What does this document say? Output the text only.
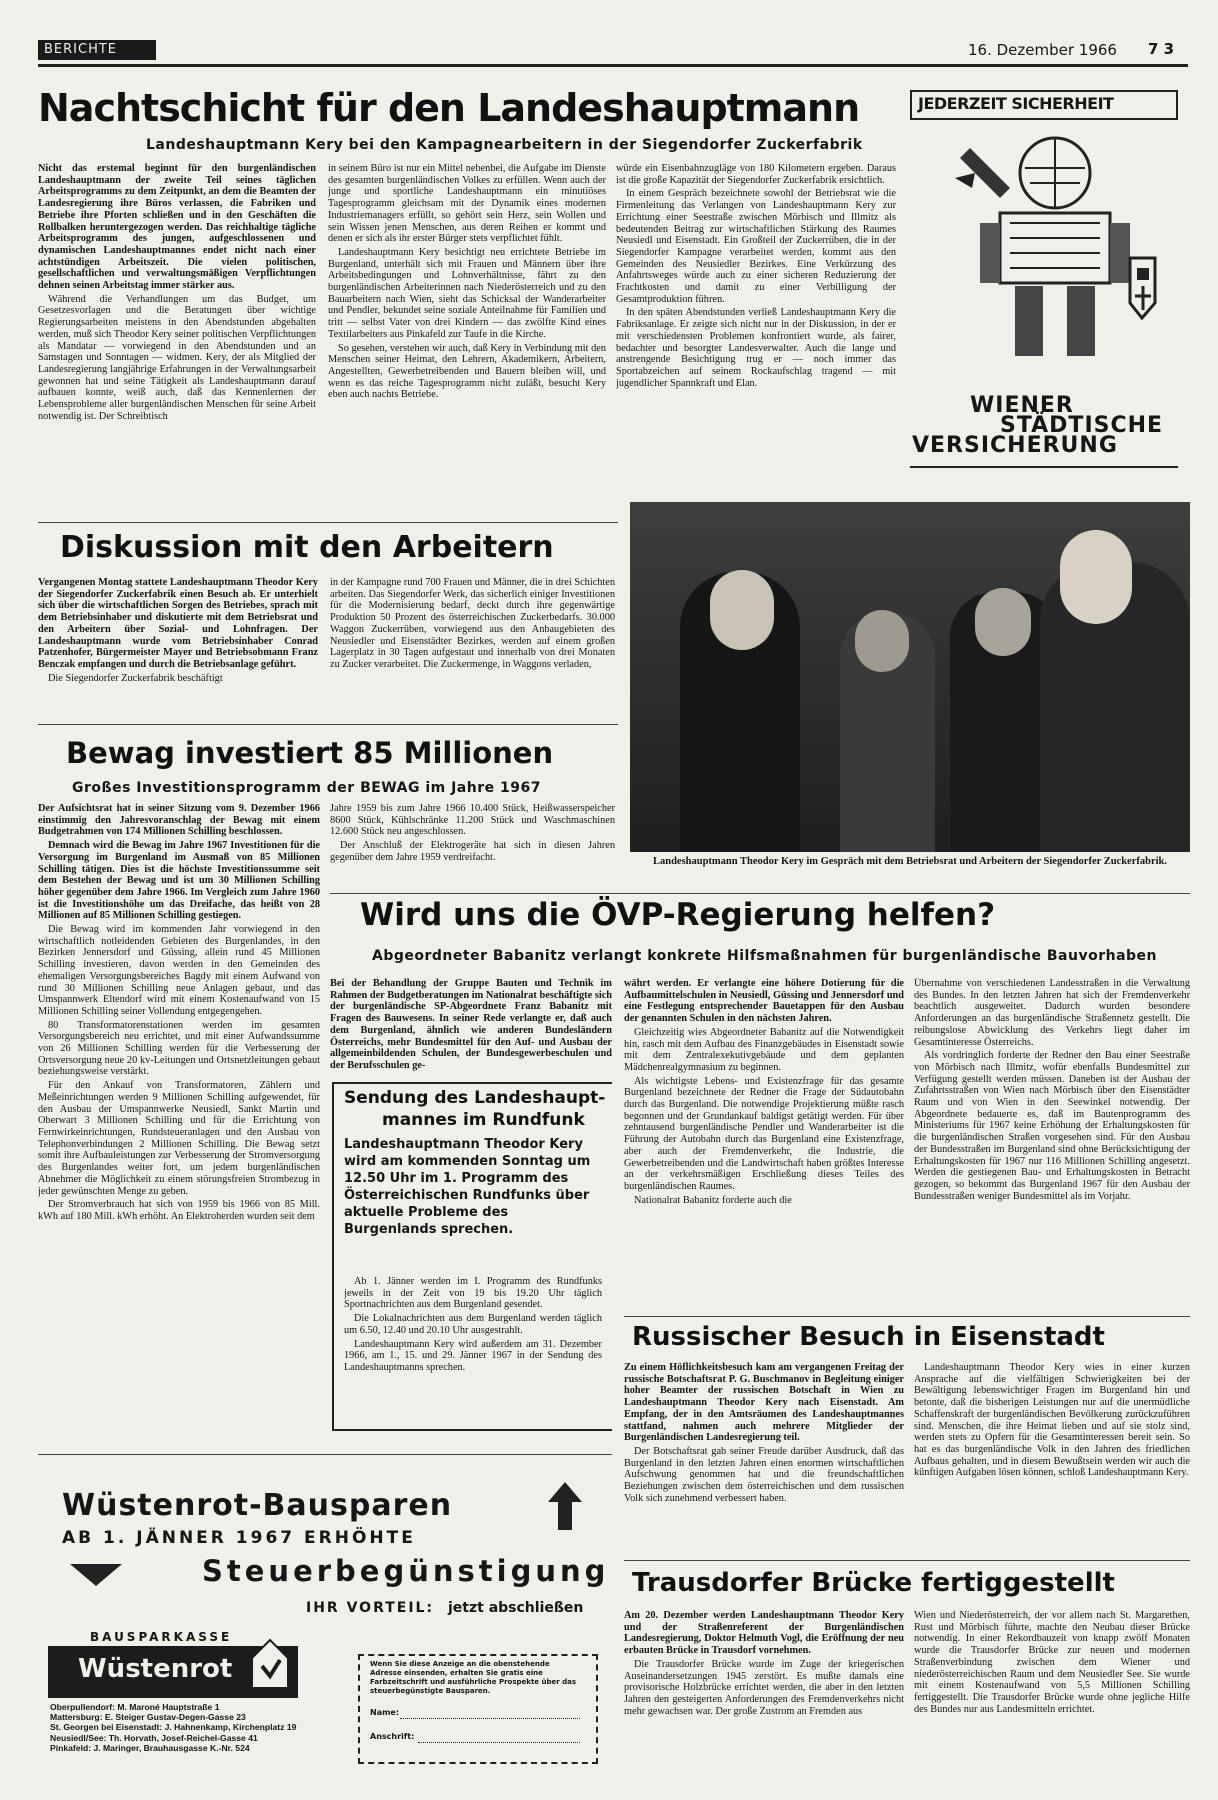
BERICHTE	16. Dezember 1966 7 3
Nachtschicht für den Landeshauptmann
Landeshauptmann Kery bei den Kampagnearbeitern in der Siegendorfer Zuckerfabrik

Nicht das erstemal beginnt für den burgenländischen Landeshauptmann der zweite Teil seines täglichen Arbeitsprogramms zu dem Zeitpunkt, an dem die Beamten der Landesregierung ihre Büros verlassen, die Fabriken und Betriebe ihre Pforten schließen und in den Geschäften die Rollbalken heruntergezogen werden. Das reichhaltige tägliche Arbeitsprogramm des jungen, aufgeschlossenen und dynamischen Landeshauptmannes endet nicht nach einer achtstündigen Arbeitszeit. Die vielen politischen, gesellschaftlichen und verwaltungsmäßigen Verpflichtungen dehnen seinen Arbeitstag immer stärker aus.

Während die Verhandlungen um das Budget, um Gesetzesvorlagen und die Beratungen über wichtige Regierungsarbeiten meistens in den Abendstunden abgehalten werden, muß sich Theodor Kery seiner politischen Verpflichtungen als Mandatar — vorwiegend in den Abendstunden und an Samstagen und Sonntagen — widmen. Kery, der als Mitglied der Landesregierung langjährige Erfahrungen in der Verwaltungsarbeit gewonnen hat und seine Tätigkeit als Landeshauptmann darauf aufbauen konnte, weiß auch, daß das Kennenlernen der Lebensprobleme aller burgenländischen Menschen für seine Arbeit notwendig ist. Der Schreibtisch

in seinem Büro ist nur ein Mittel nebenbei, die Aufgabe im Dienste des gesamten burgenländischen Volkes zu erfüllen. Wenn auch der junge und sportliche Landeshauptmann ein minutiöses Tagesprogramm gleichsam mit der Dynamik eines modernen Industriemanagers erfüllt, so gehört sein Herz, sein Wollen und sein Wissen jenen Menschen, aus deren Reihen er kommt und denen er sich als ihr erster Bürger stets verpflichtet fühlt.

Landeshauptmann Kery besichtigt neu errichtete Betriebe im Burgenland, unterhält sich mit Frauen und Männern über ihre Arbeitsbedingungen und Lohnverhältnisse, fährt zu den burgenländischen Arbeiterinnen nach Niederösterreich und zu den Bauarbeitern nach Wien, sieht das Schicksal der Wanderarbeiter und Pendler, bekundet seine soziale Anteilnahme für Familien und tritt — selbst Vater von drei Kindern — das zwölfte Kind eines Textilarbeiters aus Pinkafeld zur Taufe in die Kirche.

So gesehen, verstehen wir auch, daß Kery in Verbindung mit den Menschen seiner Heimat, den Lehrern, Akademikern, Arbeitern, Angestellten, Gewerbetreibenden und Bauern bleiben will, und wenn es das reiche Tagesprogramm nicht zuläßt, besucht Kery eben auch nachts Betriebe.

würde ein Eisenbahnzugläge von 180 Kilometern ergeben. Daraus ist die große Kapazität der Siegendorfer Zuckerfabrik ersichtlich.

In einem Gespräch bezeichnete sowohl der Betriebsrat wie die Firmenleitung das Verlangen von Landeshauptmann Kery zur Errichtung einer Seestraße zwischen Mörbisch und Illmitz als bedeutenden Beitrag zur wirtschaftlichen Stärkung des Raumes Neusiedl und Eisenstadt. Ein Großteil der Zuckerrüben, die in der Siegendorfer Kampagne verarbeitet werden, kommt aus den Gemeinden des Neusiedler Bezirkes. Eine Verkürzung des Anfahrtsweges würde auch zu einer sicheren Reduzierung der Frachtkosten und damit zu einer Verbilligung der Gesamtproduktion führen.

In den späten Abendstunden verließ Landeshauptmann Kery die Fabriksanlage. Er zeigte sich nicht nur in der Diskussion, in der er mit verschiedensten Problemen konfrontiert wurde, als fairer, bedachter und besorgter Landesverwalter. Auch die lange und anstrengende Besichtigung trug er — noch immer das Sportabzeichen auf seinem Rockaufschlag tragend — mit jugendlicher Spannkraft und Elan.

JEDERZEIT SICHERHEIT
WIENER
STÄDTISCHE
VERSICHERUNG
Diskussion mit den Arbeitern

Vergangenen Montag stattete Landeshauptmann Theodor Kery der Siegendorfer Zuckerfabrik einen Besuch ab. Er unterhielt sich über die wirtschaftlichen Sorgen des Betriebes, sprach mit dem Betriebsinhaber und diskutierte mit dem Betriebsrat und den Arbeitern über Sozial- und Lohnfragen. Der Landeshauptmann wurde vom Betriebsinhaber Conrad Patzenhofer, Bürgermeister Mayer und Betriebsobmann Franz Benczak empfangen und durch die Betriebsanlage geführt.

Die Siegendorfer Zuckerfabrik beschäftigt

in der Kampagne rund 700 Frauen und Männer, die in drei Schichten arbeiten. Das Siegendorfer Werk, das sicherlich einiger Investitionen für die Modernisierung bedarf, deckt durch ihre gegenwärtige Produktion 50 Prozent des österreichischen Zuckerbedarfs. 30.000 Waggon Zuckerrüben, vorwiegend aus den Anbaugebieten des Neusiedler und Eisenstädter Bezirkes, werden auf einem großen Lagerplatz in 30 Tagen aufgestaut und innerhalb von drei Monaten zu Zucker verarbeitet. Die Zuckermenge, in Waggons verladen,

Landeshauptmann Theodor Kery im Gespräch mit dem Betriebsrat und Arbeitern der Siegendorfer Zuckerfabrik.
Bewag investiert 85 Millionen
Großes Investitionsprogramm der BEWAG im Jahre 1967

Der Aufsichtsrat hat in seiner Sitzung vom 9. Dezember 1966 einstimmig den Jahresvoranschlag der Bewag mit einem Budgetrahmen von 174 Millionen Schilling beschlossen.

Demnach wird die Bewag im Jahre 1967 Investitionen für die Versorgung im Burgenland im Ausmaß von 85 Millionen Schilling tätigen. Dies ist die höchste Investitionssumme seit dem Bestehen der Bewag und ist um 30 Millionen Schilling höher gegenüber dem Jahre 1966. Im Vergleich zum Jahre 1960 ist die Investitionshöhe um das Dreifache, das heißt von 28 Millionen auf 85 Millionen Schilling gestiegen.

Die Bewag wird im kommenden Jahr vorwiegend in den wirtschaftlich notleidenden Gebieten des Burgenlandes, in den Bezirken Jennersdorf und Güssing, allein rund 45 Millionen Schilling investieren, davon werden in den Gemeinden des ehemaligen Versorgungsbereiches Bagdy mit einem Aufwand von rund 30 Millionen Schilling neue Anlagen gebaut, und das Umspannwerk Eltendorf wird mit einem Kostenaufwand von 15 Millionen Schilling seiner Vollendung entgegengehen.

80 Transformatorenstationen werden im gesamten Versorgungsbereich neu errichtet, und mit einer Aufwandssumme von 26 Millionen Schilling werden für die Verbesserung der Ortsversorgung neue 20 kv-Leitungen und Ortsnetzleitungen gebaut beziehungsweise verstärkt.

Für den Ankauf von Transformatoren, Zählern und Meßeinrichtungen werden 9 Millionen Schilling aufgewendet, für den Ausbau der Umspannwerke Neusiedl, Sankt Martin und Oberwart 3 Millionen Schilling und für die Errichtung von Fernwirkeinrichtungen, Rundsteueranlagen und den Ausbau von Telephonverbindungen 2 Millionen Schilling. Die Bewag setzt somit ihre Aufbauleistungen zur Verbesserung der Stromversorgung des Burgenlandes weiter fort, um jedem burgenländischen Abnehmer die Möglichkeit zu einem störungsfreien Strombezug in jeder gewünschten Menge zu geben.

Der Stromverbrauch hat sich von 1959 bis 1966 von 85 Mill. kWh auf 180 Mill. kWh erhöht. An Elektroherden wurden seit dem

Jahre 1959 bis zum Jahre 1966 10.400 Stück, Heißwasserspeicher 8600 Stück, Kühlschränke 11.200 Stück und Waschmaschinen 12.600 Stück neu angeschlossen.

Der Anschluß der Elektrogeräte hat sich in diesen Jahren gegenüber dem Jahre 1959 verdreifacht.

Wird uns die ÖVP-Regierung helfen?
Abgeordneter Babanitz verlangt konkrete Hilfsmaßnahmen für burgenländische Bauvorhaben

Bei der Behandlung der Gruppe Bauten und Technik im Rahmen der Budgetberatungen im Nationalrat beschäftigte sich der burgenländische SP-Abgeordnete Franz Babanitz mit Fragen des Bauwesens. In seiner Rede verlangte er, daß auch dem Burgenland, ähnlich wie anderen Bundesländern Österreichs, mehr Bundesmittel für den Auf- und Ausbau der allgemeinbildenden Schulen, der Bundesgewerbeschulen und der Berufsschulen ge-

währt werden. Er verlangte eine höhere Dotierung für die Aufbaumittelschulen in Neusiedl, Güssing und Jennersdorf und eine Festlegung entsprechender Bauetappen für den Ausbau der genannten Schulen in den nächsten Jahren.

Gleichzeitig wies Abgeordneter Babanitz auf die Notwendigkeit hin, rasch mit dem Aufbau des Finanzgebäudes in Eisenstadt sowie mit dem Zentralexekutivgebäude und dem geplanten Mädchenrealgymnasium zu beginnen.

Als wichtigste Lebens- und Existenzfrage für das gesamte Burgenland bezeichnete der Redner die Frage der Südautobahn durch das Burgenland. Die notwendige Projektierung müßte rasch begonnen und der Grundankauf baldigst getätigt werden. Für über zehntausend burgenländische Pendler und Wanderarbeiter ist die Führung der Autobahn durch das Burgenland eine Existenzfrage, aber auch der Fremdenverkehr, die Industrie, die Gewerbetreibenden und die Landwirtschaft haben größtes Interesse an der verkehrsmäßigen Erschließung dieses Teiles des burgenländischen Raumes.

Nationalrat Babanitz forderte auch die

Übernahme von verschiedenen Landesstraßen in die Verwaltung des Bundes. In den letzten Jahren hat sich der Fremdenverkehr beachtlich ausgeweitet. Dadurch wurden besondere Anforderungen an das burgenländische Straßennetz gestellt. Die reibungslose Abwicklung des Verkehrs liegt daher im Gesamtinteresse Österreichs.

Als vordringlich forderte der Redner den Bau einer Seestraße von Mörbisch nach Illmitz, wofür ebenfalls Bundesmittel zur Verfügung gestellt werden müssen. Daneben ist der Ausbau der Zufahrtsstraßen von Wien nach Mörbisch über den Eisenstädter Raum und von Wien in den Seewinkel notwendig. Der Abgeordnete bedauerte es, daß im Bautenprogramm des Ministeriums für 1967 keine Erhöhung der Erhaltungskosten für die burgenländischen Straßen vorgesehen sind. Für den Ausbau der Bundesstraßen im Burgenland sind ohne Berücksichtigung der Erhaltungskosten für 1967 nur 116 Millionen Schilling angesetzt. Werden die gestiegenen Bau- und Erhaltungskosten in Betracht gezogen, so bekommt das Burgenland 1967 für den Ausbau der Bundesstraßen weniger Bundesmittel als im Vorjahr.

Sendung des Landeshaupt-
mannes im Rundfunk
Landeshauptmann Theodor Kery wird am kommenden Sonntag um 12.50 Uhr im 1. Programm des Österreichischen Rundfunks über aktuelle Probleme des Burgenlands sprechen.

Ab 1. Jänner werden im I. Programm des Rundfunks jeweils in der Zeit von 19 bis 19.20 Uhr täglich Sportnachrichten aus dem Burgenland gesendet.

Die Lokalnachrichten aus dem Burgenland werden täglich um 6.50, 12.40 und 20.10 Uhr ausgestrahlt.

Landeshauptmann Kery wird außerdem am 31. Dezember 1966, am 1., 15. und 29. Jänner 1967 in der Sendung des Landeshauptmanns sprechen.

Russischer Besuch in Eisenstadt

Zu einem Höflichkeitsbesuch kam am vergangenen Freitag der russische Botschaftsrat P. G. Buschmanov in Begleitung einiger hoher Beamter der russischen Botschaft in Wien zu Landeshauptmann Theodor Kery nach Eisenstadt. Am Empfang, der in den Amtsräumen des Landeshauptmannes stattfand, nahmen auch mehrere Mitglieder der Burgenländischen Landesregierung teil.

Der Botschaftsrat gab seiner Freude darüber Ausdruck, daß das Burgenland in den letzten Jahren einen enormen wirtschaftlichen Aufschwung genommen hat und die freundschaftlichen Beziehungen zwischen dem österreichischen und dem russischen Volk sich zunehmend verbessert haben.

Landeshauptmann Theodor Kery wies in einer kurzen Ansprache auf die vielfältigen Schwierigkeiten bei der Bewältigung lebenswichtiger Fragen im Burgenland hin und betonte, daß die bisherigen Leistungen nur auf die unermüdliche Schaffenskraft der burgenländischen Bevölkerung zurückzuführen sind. Menschen, die ihre Heimat lieben und auf sie stolz sind, werden stets zu Opfern für die Gesamtinteressen bereit sein. So hat es das burgenländische Volk in den Jahren des friedlichen Aufbaus gehalten, und in diesem Bewußtsein werden wir auch die künftigen Aufgaben lösen können, schloß Landeshauptmann Kery.

Trausdorfer Brücke fertiggestellt

Am 20. Dezember werden Landeshauptmann Theodor Kery und der Straßenreferent der Burgenländischen Landesregierung, Doktor Helmuth Vogl, die Eröffnung der neu erbauten Brücke in Trausdorf vornehmen.

Die Trausdorfer Brücke wurde im Zuge der kriegerischen Auseinandersetzungen 1945 zerstört. Es mußte damals eine provisorische Holzbrücke errichtet werden, die aber in den letzten Jahren den gesteigerten Anforderungen des Fremdenverkehrs nicht mehr gewachsen war. Der große Zustrom an Fremden aus

Wien und Niederösterreich, der vor allem nach St. Margarethen, Rust und Mörbisch führte, machte den Neubau dieser Brücke notwendig. In einer Rekordbauzeit von knapp zwölf Monaten wurde die Trausdorfer Brücke zur neuen und modernen Straßenverbindung zwischen dem Wiener und niederösterreichischen Raum und dem Neusiedler See. Sie wurde mit einem Kostenaufwand von 5,5 Millionen Schilling fertiggestellt. Die Trausdorfer Brücke wurde ohne jegliche Hilfe des Bundes nur aus Landesmitteln errichtet.

Wüstenrot-Bausparen
AB 1. JÄNNER 1967 ERHÖHTE
Steuerbegünstigung
IHR VORTEIL: jetzt abschließen
BAUSPARKASSE
Wüstenrot	Wenn Sie diese Anzeige an die obenstehende Adresse einsenden, erhalten Sie gratis eine Farbzeitschrift und ausführliche Prospekte über das steuerbegünstigte Bausparen.
Name:
Anschrift:
Oberpullendorf: M. Maroné Hauptstraße 1
Mattersburg: E. Steiger Gustav-Degen-Gasse 23
St. Georgen bei Eisenstadt: J. Hahnenkamp, Kirchenplatz 19
Neusiedl/See: Th. Horvath, Josef-Reichel-Gasse 41
Pinkafeld: J. Maringer, Brauhausgasse K.-Nr. 524
